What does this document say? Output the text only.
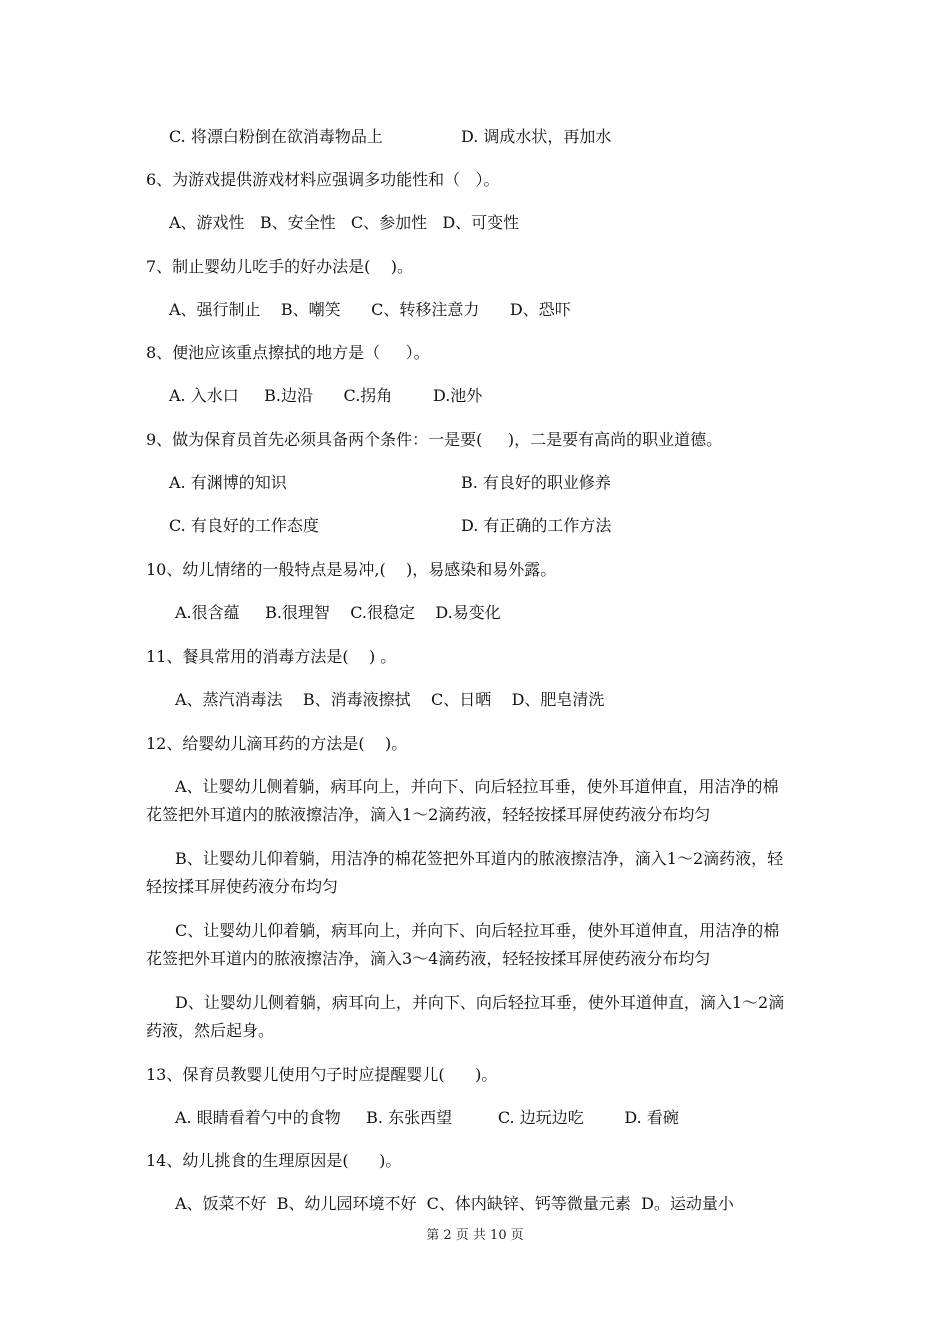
C. 将漂白粉倒在欲消毒物品上	D. 调成水状，再加水
6、为游戏提供游戏材料应强调多功能性和（   ）。
A、游戏性   B、安全性   C、参加性   D、可变性
7、制止婴幼儿吃手的好办法是(    )。
A、强行制止    B、嘲笑      C、转移注意力      D、恐吓
8、便池应该重点擦拭的地方是（     ）。
A. 入水口     B.边沿      C.拐角        D.池外
9、做为保育员首先必须具备两个条件：一是要(     )，二是要有高尚的职业道德。
A. 有渊博的知识	B. 有良好的职业修养
C. 有良好的工作态度	D. 有正确的工作方法
10、幼儿情绪的一般特点是易冲,(    )，易感染和易外露。
A.很含蕴     B.很理智    C.很稳定    D.易变化
11、餐具常用的消毒方法是(    ) 。
A、蒸汽消毒法    B、消毒液擦拭    C、日晒    D、肥皂清洗
12、给婴幼儿滴耳药的方法是(    )。
A、让婴幼儿侧着躺，病耳向上，并向下、向后轻拉耳垂，使外耳道伸直，用洁净的棉
花签把外耳道内的脓液擦洁净，滴入1～2滴药液，轻轻按揉耳屏使药液分布均匀
B、让婴幼儿仰着躺，用洁净的棉花签把外耳道内的脓液擦洁净，滴入1～2滴药液，轻
轻按揉耳屏使药液分布均匀
C、让婴幼儿仰着躺，病耳向上，并向下、向后轻拉耳垂，使外耳道伸直，用洁净的棉
花签把外耳道内的脓液擦洁净，滴入3～4滴药液，轻轻按揉耳屏使药液分布均匀
D、让婴幼儿侧着躺，病耳向上，并向下、向后轻拉耳垂，使外耳道伸直，滴入1～2滴
药液，然后起身。
13、保育员教婴儿使用勺子时应提醒婴儿(      )。
A. 眼睛看着勺中的食物     B. 东张西望         C. 边玩边吃        D. 看碗
14、幼儿挑食的生理原因是(      )。
A、饭菜不好  B、幼儿园环境不好  C、体内缺锌、钙等微量元素  D。运动量小
第 2 页 共 10 页
